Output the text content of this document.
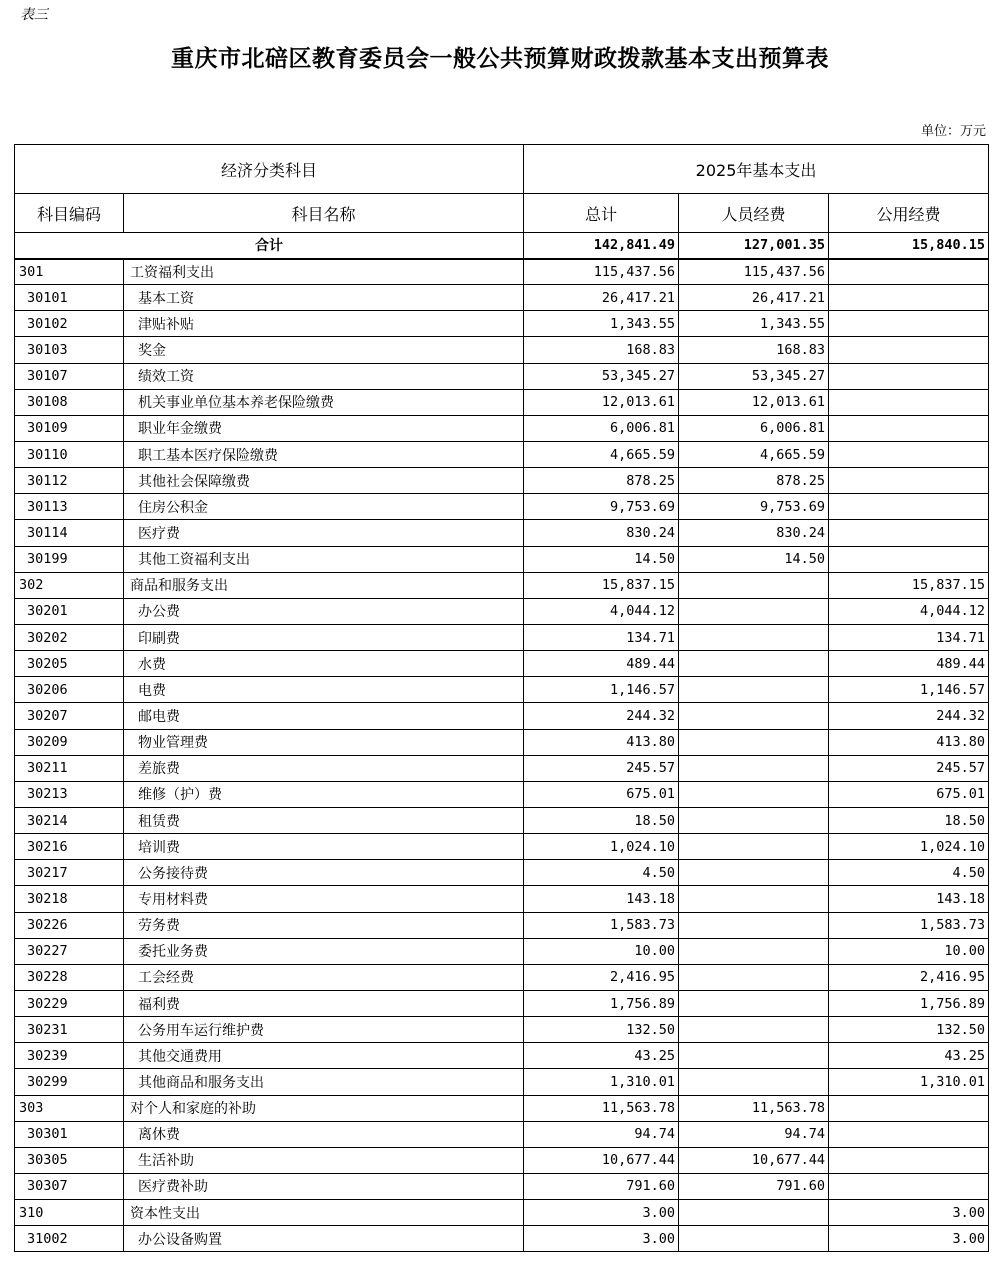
表三
重庆市北碚区教育委员会一般公共预算财政拨款基本支出预算表
单位：万元
经济分类科目		2025年基本支出		
科目编码	科目名称	总计	人员经费	公用经费
合计		142,841.49	127,001.35	15,840.15
301	工资福利支出	115,437.56	115,437.56	
30101	基本工资	26,417.21	26,417.21	
30102	津贴补贴	1,343.55	1,343.55	
30103	奖金	168.83	168.83	
30107	绩效工资	53,345.27	53,345.27	
30108	机关事业单位基本养老保险缴费	12,013.61	12,013.61	
30109	职业年金缴费	6,006.81	6,006.81	
30110	职工基本医疗保险缴费	4,665.59	4,665.59	
30112	其他社会保障缴费	878.25	878.25	
30113	住房公积金	9,753.69	9,753.69	
30114	医疗费	830.24	830.24	
30199	其他工资福利支出	14.50	14.50	
302	商品和服务支出	15,837.15		15,837.15
30201	办公费	4,044.12		4,044.12
30202	印刷费	134.71		134.71
30205	水费	489.44		489.44
30206	电费	1,146.57		1,146.57
30207	邮电费	244.32		244.32
30209	物业管理费	413.80		413.80
30211	差旅费	245.57		245.57
30213	维修（护）费	675.01		675.01
30214	租赁费	18.50		18.50
30216	培训费	1,024.10		1,024.10
30217	公务接待费	4.50		4.50
30218	专用材料费	143.18		143.18
30226	劳务费	1,583.73		1,583.73
30227	委托业务费	10.00		10.00
30228	工会经费	2,416.95		2,416.95
30229	福利费	1,756.89		1,756.89
30231	公务用车运行维护费	132.50		132.50
30239	其他交通费用	43.25		43.25
30299	其他商品和服务支出	1,310.01		1,310.01
303	对个人和家庭的补助	11,563.78	11,563.78	
30301	离休费	94.74	94.74	
30305	生活补助	10,677.44	10,677.44	
30307	医疗费补助	791.60	791.60	
310	资本性支出	3.00		3.00
31002	办公设备购置	3.00		3.00
